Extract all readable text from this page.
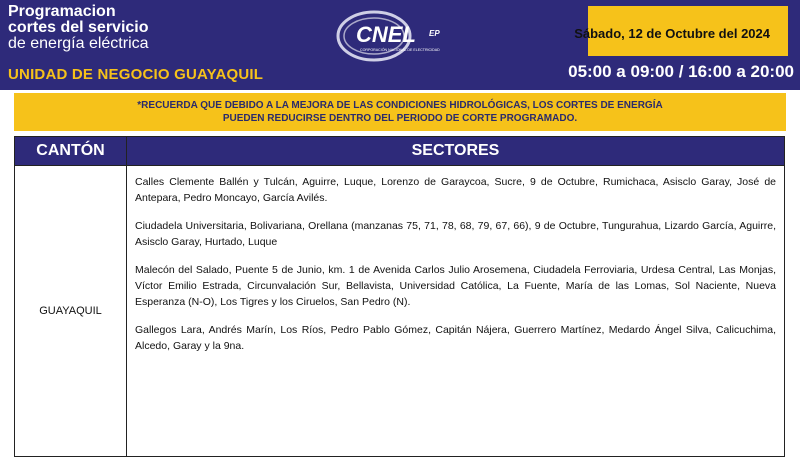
Programacion
cortes del servicio
de energía eléctrica
UNIDAD DE NEGOCIO GUAYAQUIL
CNEL EP
CORPORACIÓN NACIONAL DE ELECTRICIDAD
Sábado, 12 de Octubre del 2024
05:00 a 09:00 / 16:00 a 20:00
*RECUERDA QUE DEBIDO A LA MEJORA DE LAS CONDICIONES HIDROLÓGICAS, LOS CORTES DE ENERGÍA
PUEDEN REDUCIRSE DENTRO DEL PERIODO DE CORTE PROGRAMADO.
CANTÓN	SECTORES
GUAYAQUIL	Calles Clemente Ballén y Tulcán, Aguirre, Luque, Lorenzo de Garaycoa, Sucre, 9 de Octubre, Rumichaca, Asisclo Garay, José de Antepara, Pedro Moncayo, García Avilés.

Ciudadela Universitaria, Bolivariana, Orellana (manzanas 75, 71, 78, 68, 79, 67, 66), 9 de Octubre, Tungurahua, Lizardo García, Aguirre, Asisclo Garay, Hurtado, Luque

Malecón del Salado, Puente 5 de Junio, km. 1 de Avenida Carlos Julio Arosemena, Ciudadela Ferroviaria, Urdesa Central, Las Monjas, Víctor Emilio Estrada, Circunvalación Sur, Bellavista, Universidad Católica, La Fuente, María de las Lomas, Sol Naciente, Nueva Esperanza (N-O), Los Tigres y los Ciruelos, San Pedro (N).

Gallegos Lara, Andrés Marín, Los Ríos, Pedro Pablo Gómez, Capitán Nájera, Guerrero Martínez, Medardo Ángel Silva, Calicuchima, Alcedo, Garay y la 9na.
